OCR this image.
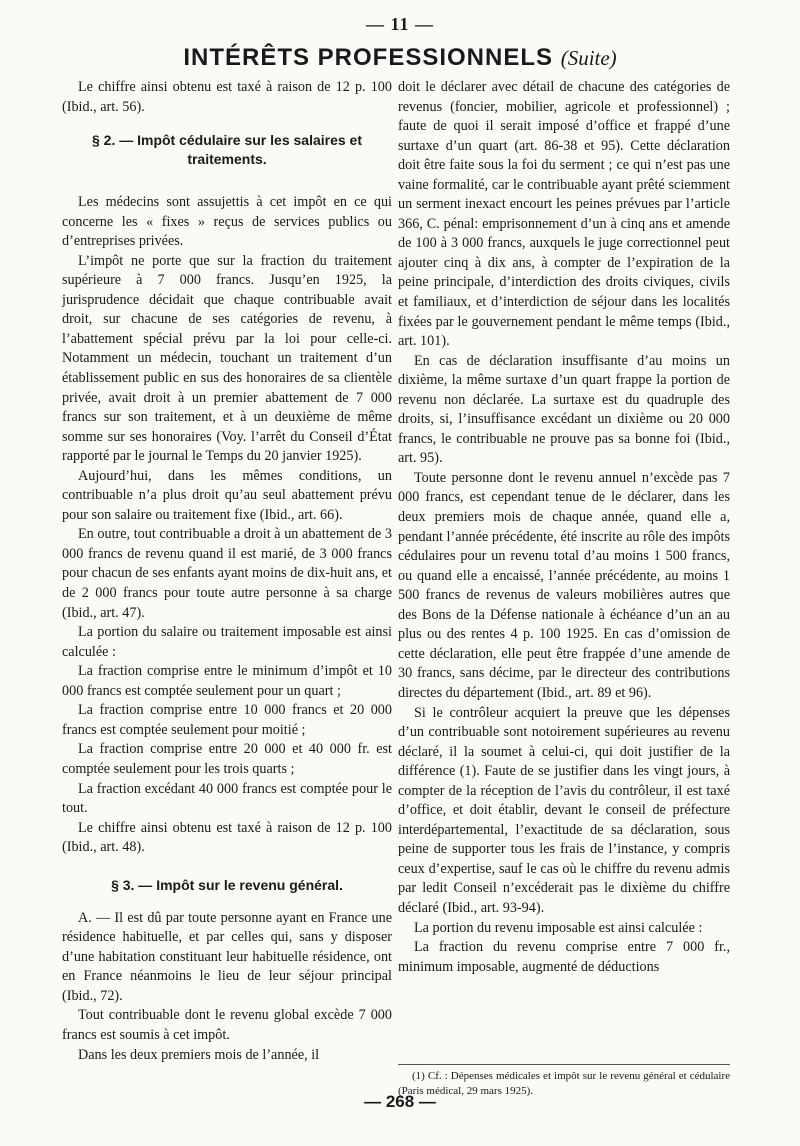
— 11 —
INTÉRÊTS PROFESSIONNELS (Suite)

Le chiffre ainsi obtenu est taxé à raison de 12 p. 100 (Ibid., art. 56).

§ 2. — Impôt cédulaire sur les salaires et traitements.

Les médecins sont assujettis à cet impôt en ce qui concerne les « fixes » reçus de services publics ou d’entreprises privées.

L’impôt ne porte que sur la fraction du traitement supérieure à 7 000 francs. Jusqu’en 1925, la jurisprudence décidait que chaque contribuable avait droit, sur chacune de ses catégories de revenu, à l’abattement spécial prévu par la loi pour celle-ci. Notamment un médecin, touchant un traitement d’un établissement public en sus des honoraires de sa clientèle privée, avait droit à un premier abattement de 7 000 francs sur son traitement, et à un deuxième de même somme sur ses honoraires (Voy. l’arrêt du Conseil d’État rapporté par le journal le Temps du 20 janvier 1925).

Aujourd’hui, dans les mêmes conditions, un contribuable n’a plus droit qu’au seul abattement prévu pour son salaire ou traitement fixe (Ibid., art. 66).

En outre, tout contribuable a droit à un abattement de 3 000 francs de revenu quand il est marié, de 3 000 francs pour chacun de ses enfants ayant moins de dix-huit ans, et de 2 000 francs pour toute autre personne à sa charge (Ibid., art. 47).

La portion du salaire ou traitement imposable est ainsi calculée :

La fraction comprise entre le minimum d’impôt et 10 000 francs est comptée seulement pour un quart ;

La fraction comprise entre 10 000 francs et 20 000 francs est comptée seulement pour moitié ;

La fraction comprise entre 20 000 et 40 000 fr. est comptée seulement pour les trois quarts ;

La fraction excédant 40 000 francs est comptée pour le tout.

Le chiffre ainsi obtenu est taxé à raison de 12 p. 100 (Ibid., art. 48).

§ 3. — Impôt sur le revenu général.

A. — Il est dû par toute personne ayant en France une résidence habituelle, et par celles qui, sans y disposer d’une habitation constituant leur habituelle résidence, ont en France néanmoins le lieu de leur séjour principal (Ibid., 72).

Tout contribuable dont le revenu global excède 7 000 francs est soumis à cet impôt.

Dans les deux premiers mois de l’année, il

doit le déclarer avec détail de chacune des catégories de revenus (foncier, mobilier, agricole et professionnel) ; faute de quoi il serait imposé d’office et frappé d’une surtaxe d’un quart (art. 86-38 et 95). Cette déclaration doit être faite sous la foi du serment ; ce qui n’est pas une vaine formalité, car le contribuable ayant prêté sciemment un serment inexact encourt les peines prévues par l’article 366, C. pénal: emprisonnement d’un à cinq ans et amende de 100 à 3 000 francs, auxquels le juge correctionnel peut ajouter cinq à dix ans, à compter de l’expiration de la peine principale, d’interdiction des droits civiques, civils et familiaux, et d’interdiction de séjour dans les localités fixées par le gouvernement pendant le même temps (Ibid., art. 101).

En cas de déclaration insuffisante d’au moins un dixième, la même surtaxe d’un quart frappe la portion de revenu non déclarée. La surtaxe est du quadruple des droits, si, l’insuffisance excédant un dixième ou 20 000 francs, le contribuable ne prouve pas sa bonne foi (Ibid., art. 95).

Toute personne dont le revenu annuel n’excède pas 7 000 francs, est cependant tenue de le déclarer, dans les deux premiers mois de chaque année, quand elle a, pendant l’année précédente, été inscrite au rôle des impôts cédulaires pour un revenu total d’au moins 1 500 francs, ou quand elle a encaissé, l’année précédente, au moins 1 500 francs de revenus de valeurs mobilières autres que des Bons de la Défense nationale à échéance d’un an au plus ou des rentes 4 p. 100 1925. En cas d’omission de cette déclaration, elle peut être frappée d’une amende de 30 francs, sans décime, par le directeur des contributions directes du département (Ibid., art. 89 et 96).

Si le contrôleur acquiert la preuve que les dépenses d’un contribuable sont notoirement supérieures au revenu déclaré, il la soumet à celui-ci, qui doit justifier de la différence (1). Faute de se justifier dans les vingt jours, à compter de la réception de l’avis du contrôleur, il est taxé d’office, et doit établir, devant le conseil de préfecture interdépartemental, l’exactitude de sa déclaration, sous peine de supporter tous les frais de l’instance, y compris ceux d’expertise, sauf le cas où le chiffre du revenu admis par ledit Conseil n’excéderait pas le dixième du chiffre déclaré (Ibid., art. 93-94).

La portion du revenu imposable est ainsi calculée :

La fraction du revenu comprise entre 7 000 fr., minimum imposable, augmenté de déductions

(1) Cf. : Dépenses médicales et impôt sur le revenu général et cédulaire (Paris médical, 29 mars 1925).

— 268 —
